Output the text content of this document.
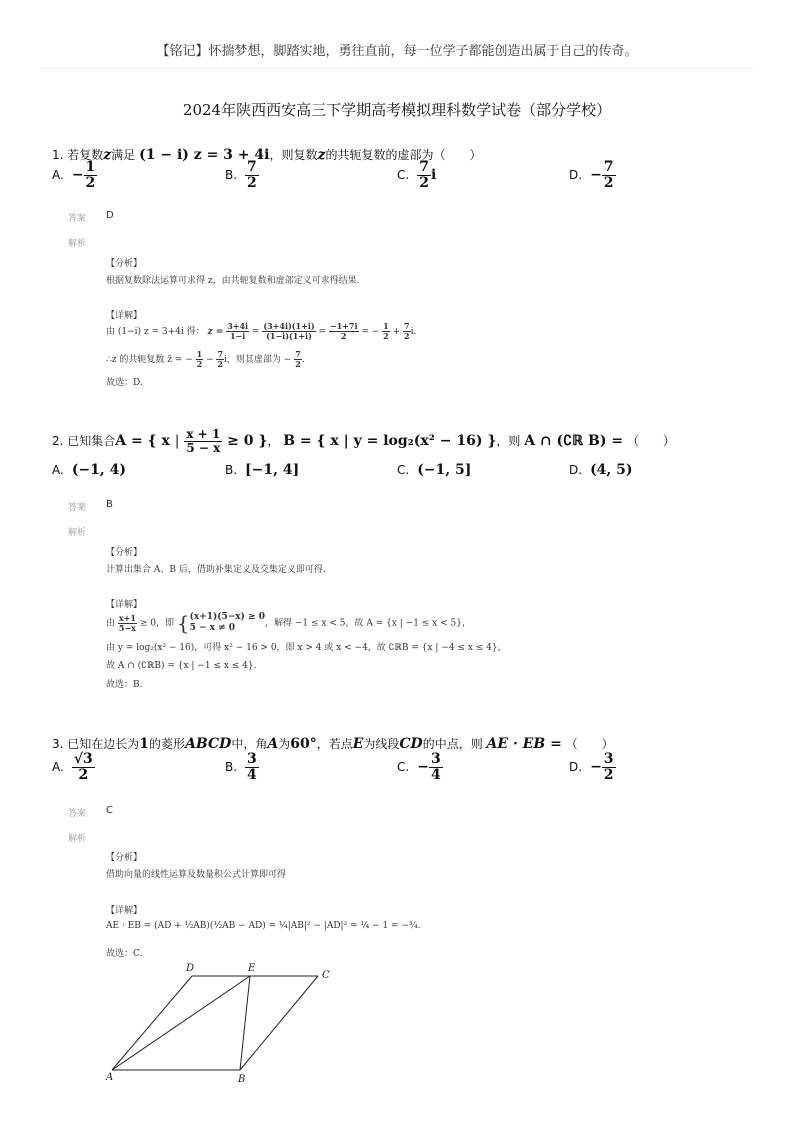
【铭记】怀揣梦想，脚踏实地，勇往直前，每一位学子都能创造出属于自己的传奇。
2024年陕西西安高三下学期高考模拟理科数学试卷（部分学校）
1. 若复数z满足 (1 − i) z = 3 + 4i，则复数z的共轭复数的虚部为（　　）
A. − $\frac{1}{2}$	B. $\frac{7}{2}$	C. $\frac{7}{2}$ i	D. − $\frac{7}{2}$
答案 D
解析
【分析】
根据复数除法运算可求得 z，由共轭复数和虚部定义可求得结果.
【详解】
由 (1−i) z = 3+4i 得： $z = \frac{3+4i}{1-i} = \frac{(3+4i)(1+i)}{(1-i)(1+i)} = \frac{-1+7i}{2}$ = − $\frac{1}{2} + \frac{7}{2} i$.
∴z 的共轭复数 z̄ = − $\frac{1}{2} - \frac{7}{2}$ i，则其虚部为 − $\frac{7}{2}$ .
故选：D.
2. 已知集合 A = { x | $\frac{x + 1}{5 - x} \ge 0$ }， B = { x | y = log₂(x² − 16) }，则 A ∩ (∁ℝ B) = （　　）
A. (−1, 4)	B. [−1, 4]	C. (−1, 5]	D. (4, 5)
答案 B
解析
【分析】
计算出集合 A、B 后，借助补集定义及交集定义即可得.
【详解】
由 $\frac{x+1}{5-x} \ge 0$，即 { (x+1)(5−x) ≥ 0
5 − x ≠ 0	，解得 −1 ≤ x < 5，故 A = {x | −1 ≤ x < 5}，
由 y = log₂(x² − 16)，可得 x² − 16 > 0，即 x > 4 或 x < −4，故 ∁ℝB = {x | −4 ≤ x ≤ 4}，
故 A ∩ (∁ℝB) = {x | −1 ≤ x ≤ 4}.
故选：B.
3. 已知在边长为1的菱形ABCD中，角A为60°，若点E为线段CD的中点，则 AE · EB = （　　）
A. $\frac{√3}{2}$	B. $\frac{3}{4}$	C. − $\frac{3}{4}$	D. − $\frac{3}{2}$
答案 C
解析
【分析】
借助向量的线性运算及数量积公式计算即可得
【详解】
AE · EB = (AD + ½AB)(½AB − AD) = ¼|AB|² − |AD|² = ¼ − 1 = −¾.
故选：C.
A	B
C
D	E
